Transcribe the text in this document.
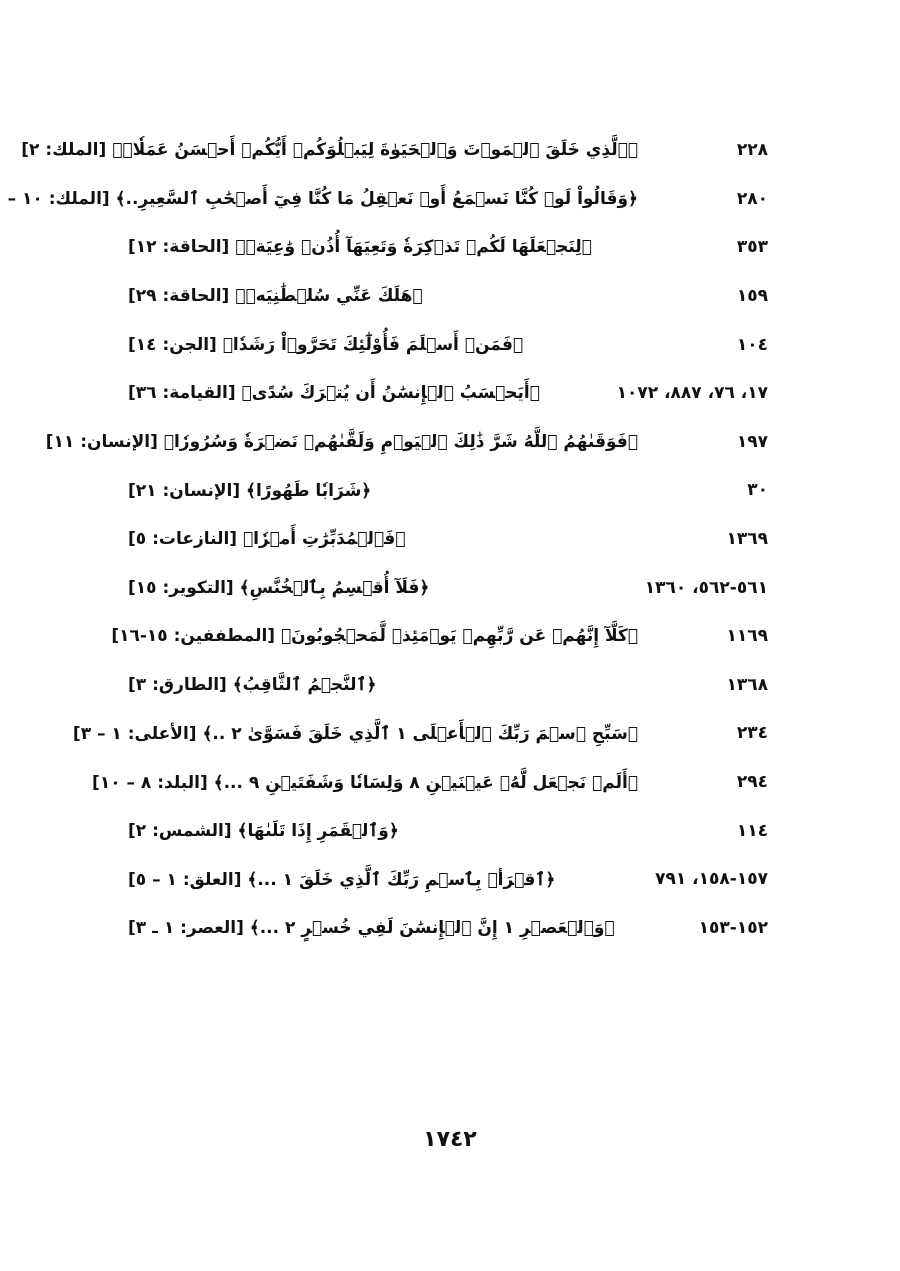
﴿ٱلَّذِي خَلَقَ ٱلۡمَوۡتَ وَٱلۡحَيَوٰةَ لِيَبۡلُوَكُمۡ أَيُّكُمۡ أَحۡسَنُ عَمَلٗاۚ﴾ [الملك: ٢]	٢٢٨
﴿وَقَالُواْ لَوۡ كُنَّا نَسۡمَعُ أَوۡ نَعۡقِلُ مَا كُنَّا فِيٓ أَصۡحَٰبِ ٱلسَّعِيرِ..﴾ [الملك: ١٠ –	٢٨٠
﴿لِنَجۡعَلَهَا لَكُمۡ تَذۡكِرَةٗ وَتَعِيَهَآ أُذُنٞ وَٰعِيَةٞ﴾ [الحاقة: ١٢]	٣٥٣
﴿هَلَكَ عَنِّي سُلۡطَٰنِيَهۡ﴾ [الحاقة: ٢٩]	١٥٩
﴿فَمَنۡ أَسۡلَمَ فَأُوْلَٰٓئِكَ تَحَرَّوۡاْ رَشَدٗا﴾ [الجن: ١٤]	١٠٤
﴿أَيَحۡسَبُ ٱلۡإِنسَٰنُ أَن يُتۡرَكَ سُدًى﴾ [القيامة: ٣٦]	١٧، ٧٦، ٨٨٧، ١٠٧٢
﴿فَوَقَىٰهُمُ ٱللَّهُ شَرَّ ذَٰلِكَ ٱلۡيَوۡمِ وَلَقَّىٰهُمۡ نَضۡرَةٗ وَسُرُورٗا﴾ [الإنسان: ١١]	١٩٧
﴿شَرَابٗا طَهُورًا﴾ [الإنسان: ٢١]	٣٠
﴿فَٱلۡمُدَبِّرَٰتِ أَمۡرٗا﴾ [النازعات: ٥]	١٣٦٩
﴿فَلَآ أُقۡسِمُ بِٱلۡخُنَّسِ﴾ [التكوير: ١٥]	٥٦١-٥٦٢، ١٣٦٠
﴿كَلَّآ إِنَّهُمۡ عَن رَّبِّهِمۡ يَوۡمَئِذٖ لَّمَحۡجُوبُونَ﴾ [المطففين: ١٥-١٦]	١١٦٩
﴿ٱلنَّجۡمُ ٱلثَّاقِبُ﴾ [الطارق: ٣]	١٣٦٨
﴿سَبِّحِ ٱسۡمَ رَبِّكَ ٱلۡأَعۡلَى ١ ٱلَّذِي خَلَقَ فَسَوَّىٰ ٢ ..﴾ [الأعلى: ١ – ٣]	٢٣٤
﴿أَلَمۡ نَجۡعَل لَّهُۥ عَيۡنَيۡنِ ٨ وَلِسَانٗا وَشَفَتَيۡنِ ٩ ...﴾ [البلد: ٨ – ١٠]	٢٩٤
﴿وَٱلۡقَمَرِ إِذَا تَلَىٰهَا﴾ [الشمس: ٢]	١١٤
﴿ٱقۡرَأۡ بِٱسۡمِ رَبِّكَ ٱلَّذِي خَلَقَ ١ ...﴾ [العلق: ١ – ٥]	١٥٧-١٥٨، ٧٩١
﴿وَٱلۡعَصۡرِ ١ إِنَّ ٱلۡإِنسَٰنَ لَفِي خُسۡرٍ ٢ ...﴾ [العصر: ١ ـ ٣]	١٥٢-١٥٣
١٧٤٢
